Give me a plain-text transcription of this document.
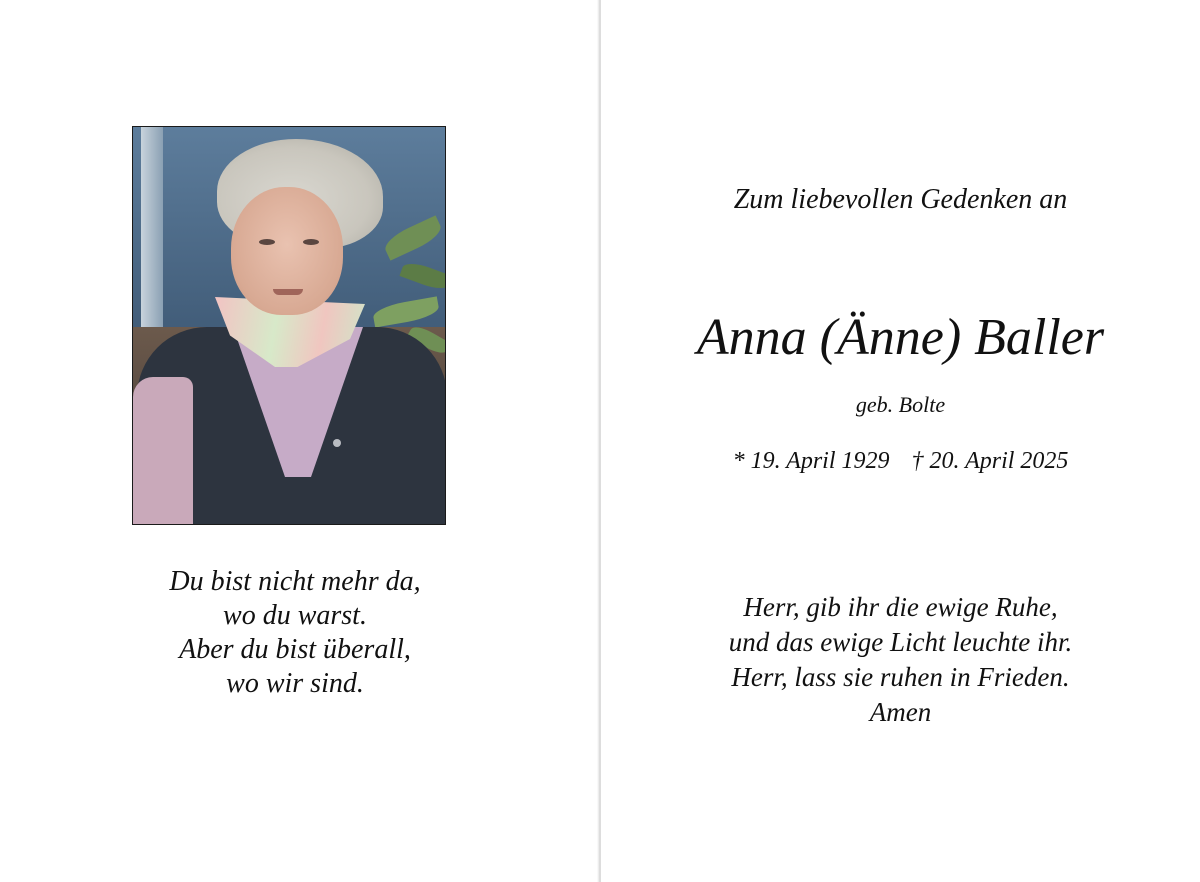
Du bist nicht mehr da,
wo du warst.
Aber du bist überall,
wo wir sind.
Zum liebevollen Gedenken an
Anna (Änne) Baller
geb. Bolte
* 19. April 1929 † 20. April 2025
Herr, gib ihr die ewige Ruhe,
und das ewige Licht leuchte ihr.
Herr, lass sie ruhen in Frieden.
Amen
